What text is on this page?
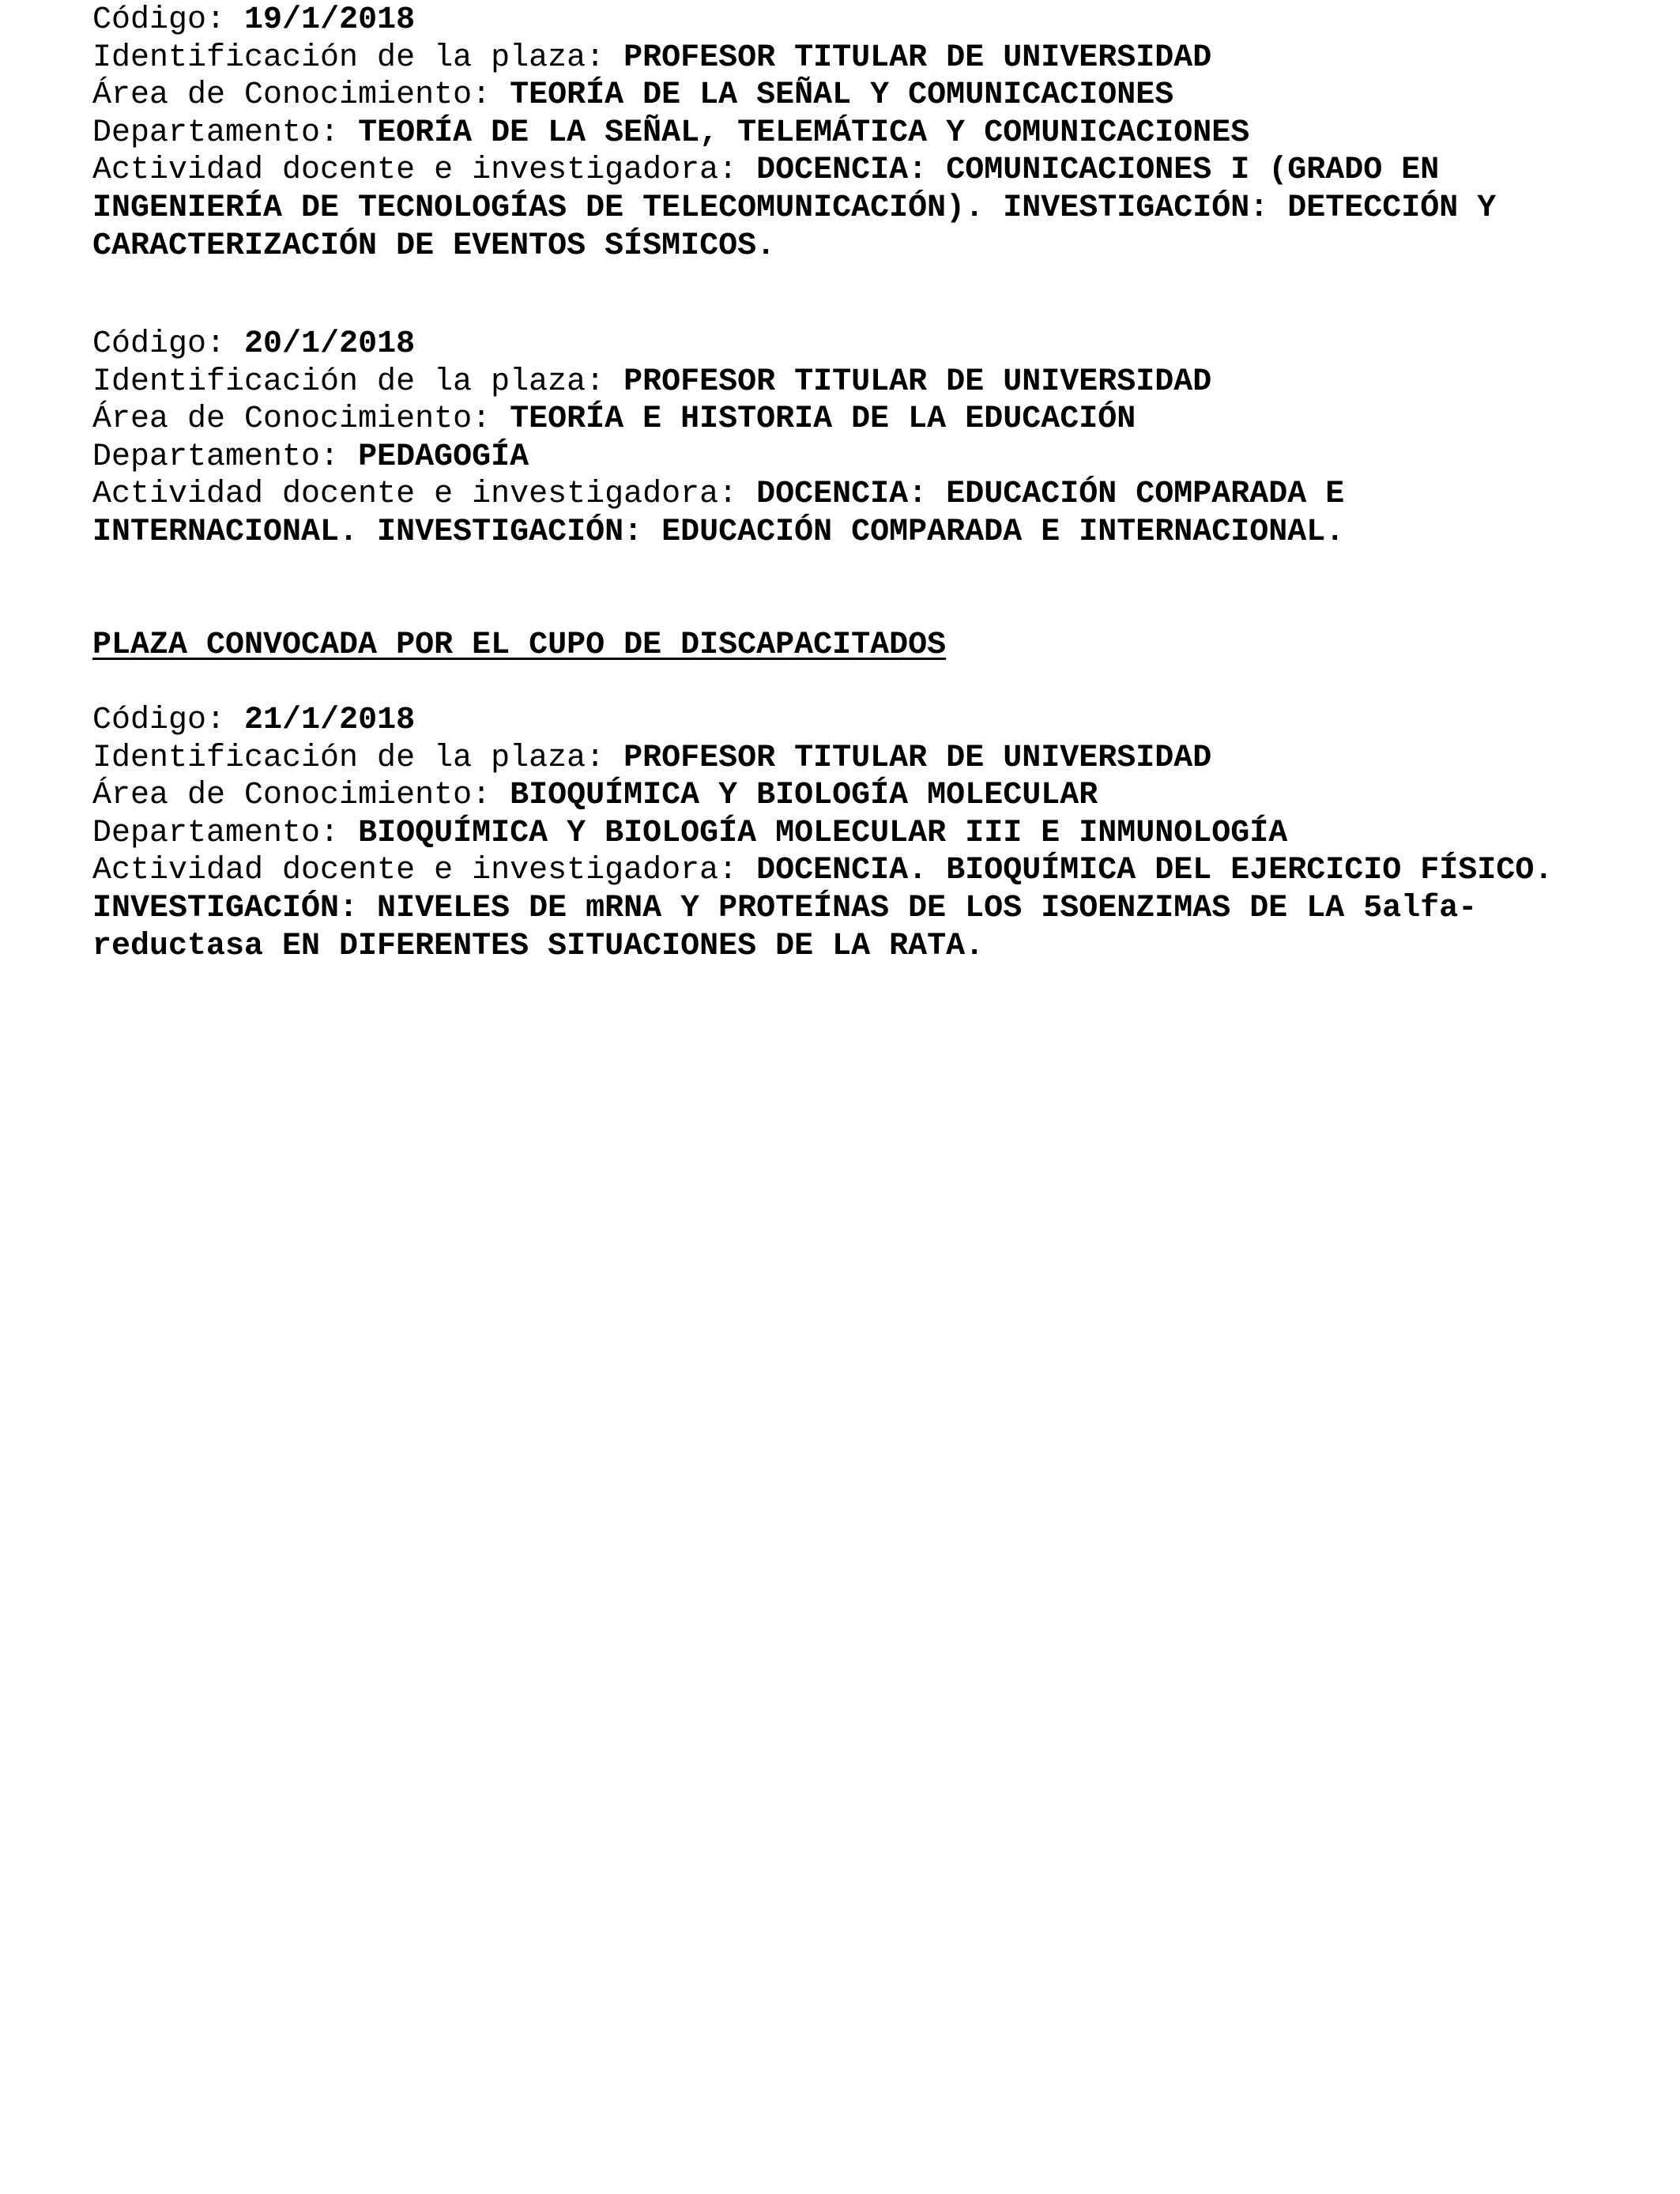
Código: 19/1/2018

Identificación de la plaza: PROFESOR TITULAR DE UNIVERSIDAD

Área de Conocimiento: TEORÍA DE LA SEÑAL Y COMUNICACIONES

Departamento: TEORÍA DE LA SEÑAL, TELEMÁTICA Y COMUNICACIONES

Actividad docente e investigadora: DOCENCIA: COMUNICACIONES I (GRADO EN INGENIERÍA DE TECNOLOGÍAS DE TELECOMUNICACIÓN). INVESTIGACIÓN: DETECCIÓN Y CARACTERIZACIÓN DE EVENTOS SÍSMICOS.

Código: 20/1/2018

Identificación de la plaza: PROFESOR TITULAR DE UNIVERSIDAD

Área de Conocimiento: TEORÍA E HISTORIA DE LA EDUCACIÓN

Departamento: PEDAGOGÍA

Actividad docente e investigadora: DOCENCIA: EDUCACIÓN COMPARADA E INTERNACIONAL. INVESTIGACIÓN: EDUCACIÓN COMPARADA E INTERNACIONAL.

PLAZA CONVOCADA POR EL CUPO DE DISCAPACITADOS

Código: 21/1/2018

Identificación de la plaza: PROFESOR TITULAR DE UNIVERSIDAD

Área de Conocimiento: BIOQUÍMICA Y BIOLOGÍA MOLECULAR

Departamento: BIOQUÍMICA Y BIOLOGÍA MOLECULAR III E INMUNOLOGÍA

Actividad docente e investigadora: DOCENCIA. BIOQUÍMICA DEL EJERCICIO FÍSICO. INVESTIGACIÓN: NIVELES DE mRNA Y PROTEÍNAS DE LOS ISOENZIMAS DE LA 5alfa-reductasa EN DIFERENTES SITUACIONES DE LA RATA.
